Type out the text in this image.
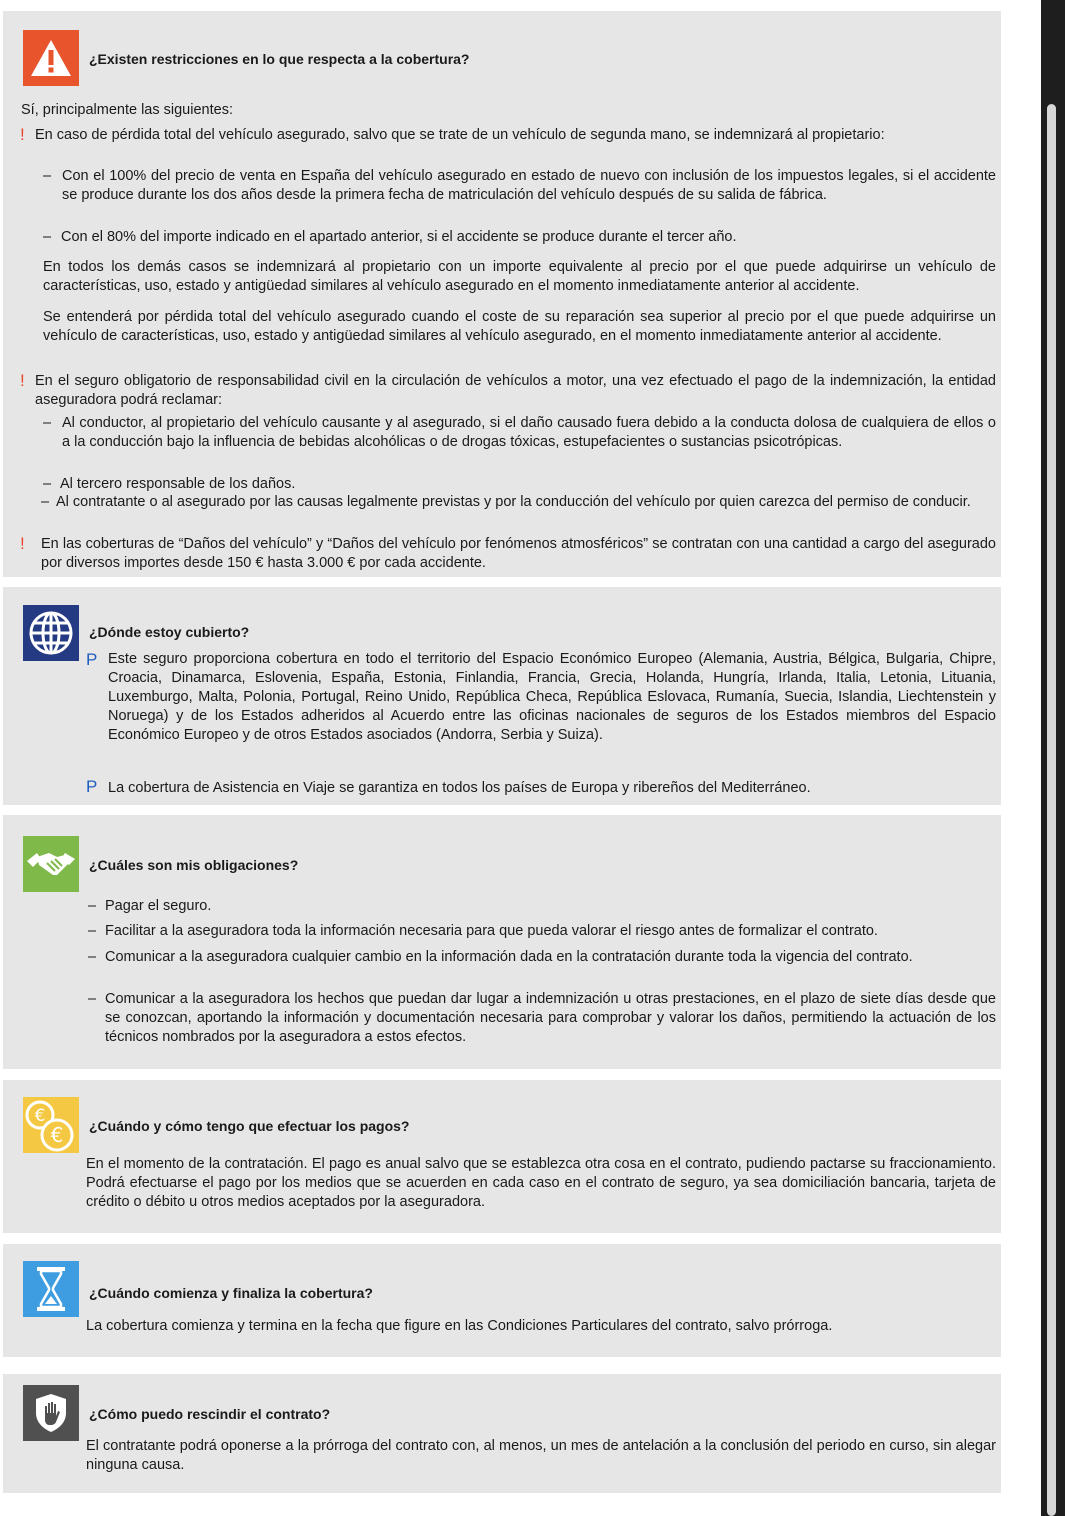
¿Existen restricciones en lo que respecta a la cobertura?
Sí, principalmente las siguientes:
! En caso de pérdida total del vehículo asegurado, salvo que se trate de un vehículo de segunda mano, se indemnizará al propietario:
– Con el 100% del precio de venta en España del vehículo asegurado en estado de nuevo con inclusión de los impuestos legales, si el accidente se produce durante los dos años desde la primera fecha de matriculación del vehículo después de su salida de fábrica.
– Con el 80% del importe indicado en el apartado anterior, si el accidente se produce durante el tercer año.
En todos los demás casos se indemnizará al propietario con un importe equivalente al precio por el que puede adquirirse un vehículo de características, uso, estado y antigüedad similares al vehículo asegurado en el momento inmediatamente anterior al accidente.
Se entenderá por pérdida total del vehículo asegurado cuando el coste de su reparación sea superior al precio por el que puede adquirirse un vehículo de características, uso, estado y antigüedad similares al vehículo asegurado, en el momento inmediatamente anterior al accidente.
! En el seguro obligatorio de responsabilidad civil en la circulación de vehículos a motor, una vez efectuado el pago de la indemnización, la entidad aseguradora podrá reclamar:
– Al conductor, al propietario del vehículo causante y al asegurado, si el daño causado fuera debido a la conducta dolosa de cualquiera de ellos o a la conducción bajo la influencia de bebidas alcohólicas o de drogas tóxicas, estupefacientes o sustancias psicotrópicas.
– Al tercero responsable de los daños.
– Al contratante o al asegurado por las causas legalmente previstas y por la conducción del vehículo por quien carezca del permiso de conducir.
! En las coberturas de “Daños del vehículo” y “Daños del vehículo por fenómenos atmosféricos” se contratan con una cantidad a cargo del asegurado por diversos importes desde 150 € hasta 3.000 € por cada accidente.
¿Dónde estoy cubierto?
P Este seguro proporciona cobertura en todo el territorio del Espacio Económico Europeo (Alemania, Austria, Bélgica, Bulgaria, Chipre, Croacia, Dinamarca, Eslovenia, España, Estonia, Finlandia, Francia, Grecia, Holanda, Hungría, Irlanda, Italia, Letonia, Lituania, Luxemburgo, Malta, Polonia, Portugal, Reino Unido, República Checa, República Eslovaca, Rumanía, Suecia, Islandia, Liechtenstein y Noruega) y de los Estados adheridos al Acuerdo entre las oficinas nacionales de seguros de los Estados miembros del Espacio Económico Europeo y de otros Estados asociados (Andorra, Serbia y Suiza).
P La cobertura de Asistencia en Viaje se garantiza en todos los países de Europa y ribereños del Mediterráneo.
¿Cuáles son mis obligaciones?
– Pagar el seguro.
– Facilitar a la aseguradora toda la información necesaria para que pueda valorar el riesgo antes de formalizar el contrato.
– Comunicar a la aseguradora cualquier cambio en la información dada en la contratación durante toda la vigencia del contrato.
– Comunicar a la aseguradora los hechos que puedan dar lugar a indemnización u otras prestaciones, en el plazo de siete días desde que se conozcan, aportando la información y documentación necesaria para comprobar y valorar los daños, permitiendo la actuación de los técnicos nombrados por la aseguradora a estos efectos.
€
€ ¿Cuándo y cómo tengo que efectuar los pagos?
En el momento de la contratación. El pago es anual salvo que se establezca otra cosa en el contrato, pudiendo pactarse su fraccionamiento. Podrá efectuarse el pago por los medios que se acuerden en cada caso en el contrato de seguro, ya sea domiciliación bancaria, tarjeta de crédito o débito u otros medios aceptados por la aseguradora.
¿Cuándo comienza y finaliza la cobertura?
La cobertura comienza y termina en la fecha que figure en las Condiciones Particulares del contrato, salvo prórroga.
¿Cómo puedo rescindir el contrato?
El contratante podrá oponerse a la prórroga del contrato con, al menos, un mes de antelación a la conclusión del periodo en curso, sin alegar ninguna causa.
